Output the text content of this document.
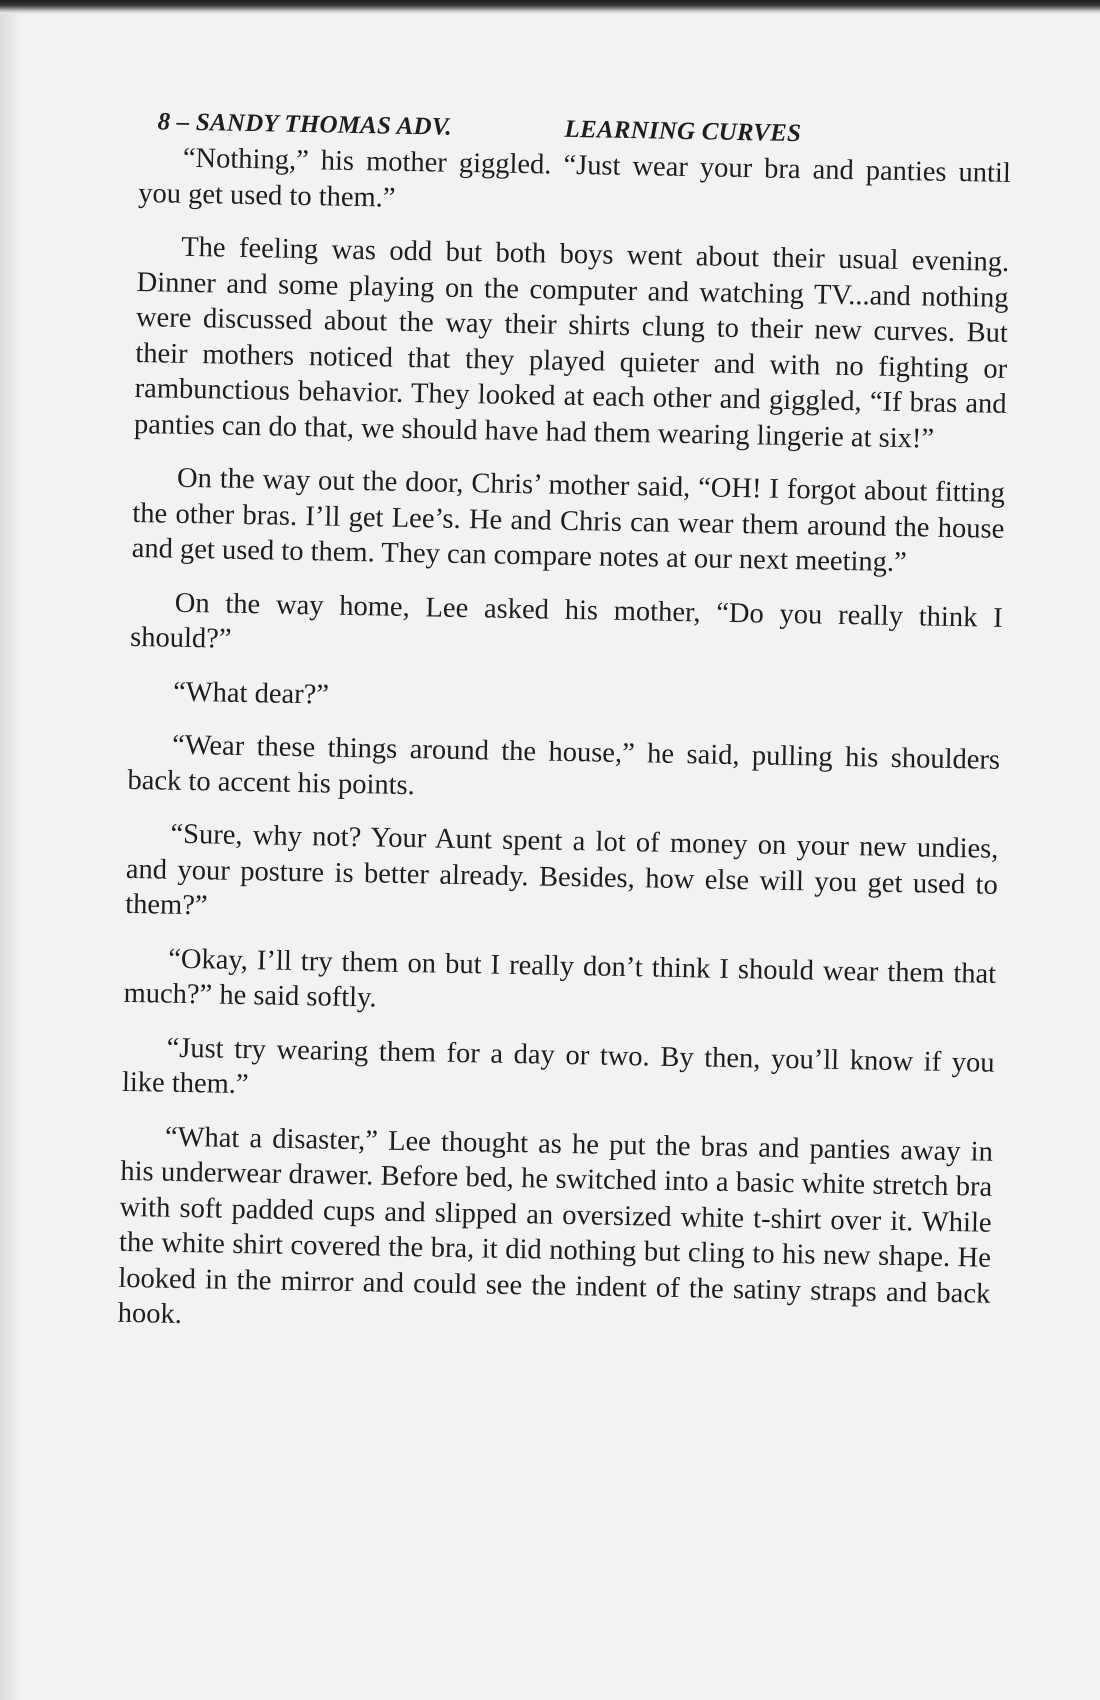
8 – SANDY THOMAS ADV.	LEARNING CURVES

“Nothing,” his mother giggled. “Just wear your bra and panties until you get used to them.”

The feeling was odd but both boys went about their usual evening. Dinner and some playing on the computer and watching TV...and nothing were discussed about the way their shirts clung to their new curves. But their mothers noticed that they played quieter and with no fighting or rambunctious behavior. They looked at each other and giggled, “If bras and panties can do that, we should have had them wearing lingerie at six!”

On the way out the door, Chris’ mother said, “OH! I forgot about fitting the other bras. I’ll get Lee’s. He and Chris can wear them around the house and get used to them. They can compare notes at our next meeting.”

On the way home, Lee asked his mother, “Do you really think I should?”

“What dear?”

“Wear these things around the house,” he said, pulling his shoulders back to accent his points.

“Sure, why not? Your Aunt spent a lot of money on your new undies, and your posture is better already. Besides, how else will you get used to them?”

“Okay, I’ll try them on but I really don’t think I should wear them that much?” he said softly.

“Just try wearing them for a day or two. By then, you’ll know if you like them.”

“What a disaster,” Lee thought as he put the bras and panties away in his underwear drawer. Before bed, he switched into a basic white stretch bra with soft padded cups and slipped an oversized white t-shirt over it. While the white shirt covered the bra, it did nothing but cling to his new shape. He looked in the mirror and could see the indent of the satiny straps and back hook.
